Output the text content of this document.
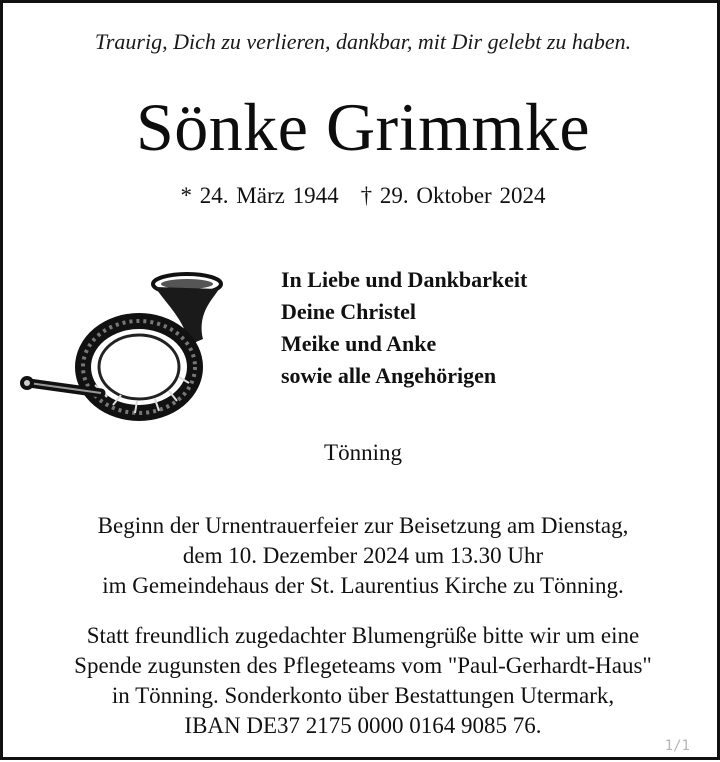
Traurig, Dich zu verlieren, dankbar, mit Dir gelebt zu haben.
Sönke Grimmke
* 24. März 1944 † 29. Oktober 2024
In Liebe und Dankbarkeit
Deine Christel
Meike und Anke
sowie alle Angehörigen
Tönning
Beginn der Urnentrauerfeier zur Beisetzung am Dienstag,
dem 10. Dezember 2024 um 13.30 Uhr
im Gemeindehaus der St. Laurentius Kirche zu Tönning.
Statt freundlich zugedachter Blumengrüße bitte wir um eine
Spende zugunsten des Pflegeteams vom "Paul-Gerhardt-Haus"
in Tönning. Sonderkonto über Bestattungen Utermark,
IBAN DE37 2175 0000 0164 9085 76.
1/1
